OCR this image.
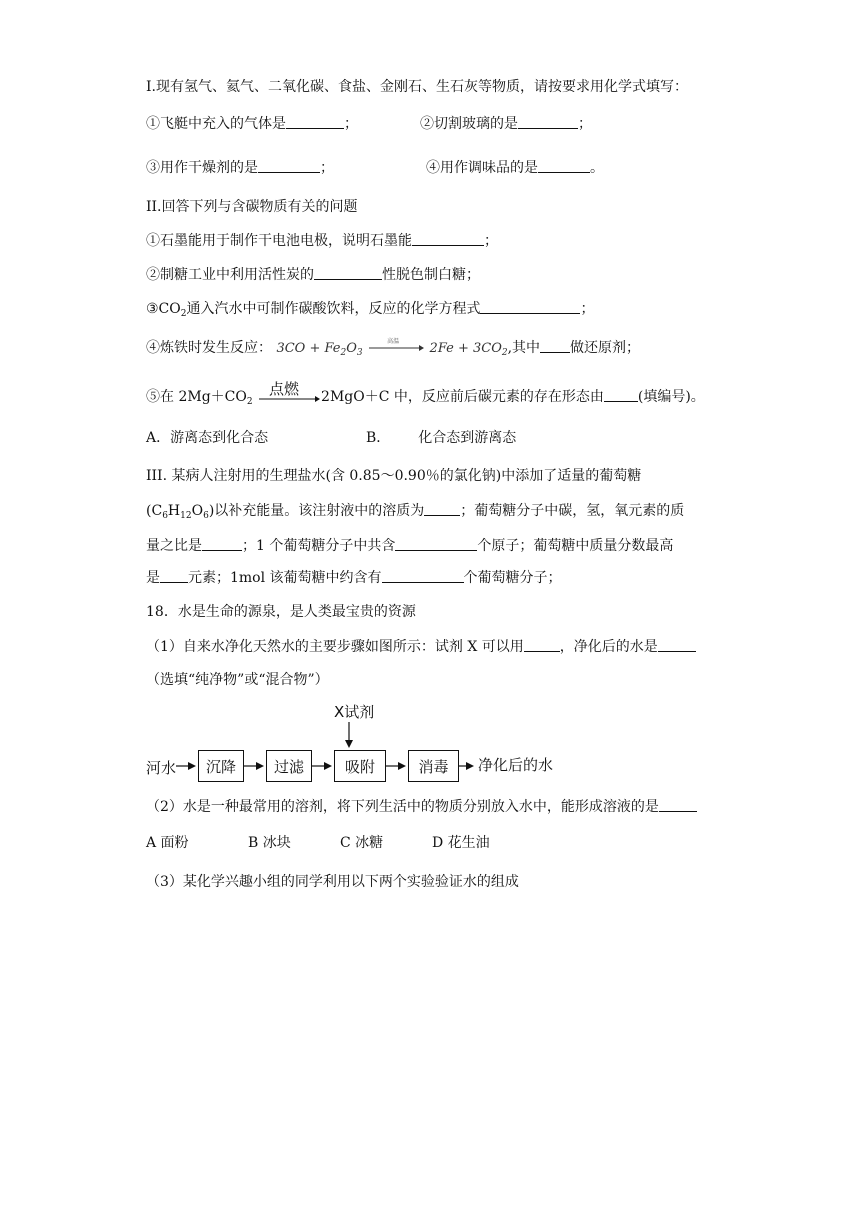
I.现有氢气、氦气、二氧化碳、食盐、金刚石、生石灰等物质，请按要求用化学式填写：
①飞艇中充入的气体是	；	②切割玻璃的是	；
③用作干燥剂的是	；	④用作调味品的是	。
II.回答下列与含碳物质有关的问题
①石墨能用于制作干电池电极，说明石墨能	；
②制糖工业中利用活性炭的	性脱色制白糖；
$③CO_2$通入汽水中可制作碳酸饮料，反应的化学方程式	；
④炼铁时发生反应： $3CO + Fe_2O_3$
高温 $2Fe + 3CO_2$,其中 做还原剂；
⑤在 $2Mg+CO_2$
点燃 2MgO＋C 中，反应前后碳元素的存在形态由 (填编号)。
A．游离态到化合态	B． 化合态到游离态
III. 某病人注射用的生理盐水(含 0.85～0.90％的氯化钠)中添加了适量的葡萄糖
$(C_6H_{12}O_6)$以补充能量。该注射液中的溶质为	；葡萄糖分子中碳，氢，氧元素的质
量之比是	；1 个葡萄糖分子中共含	个原子；葡萄糖中质量分数最高
是 元素；1mol 该葡萄糖中约含有	个葡萄糖分子；
18．水是生命的源泉，是人类最宝贵的资源
（1）自来水净化天然水的主要步骤如图所示：试剂 X 可以用	，净化后的水是
（选填“纯净物”或“混合物”）
X试剂
河水 沉降	过滤	吸附	消毒 净化后的水
（2）水是一种最常用的溶剂，将下列生活中的物质分别放入水中，能形成溶液的是
A 面粉	B 冰块	C 冰糖	D 花生油
（3）某化学兴趣小组的同学利用以下两个实验验证水的组成
